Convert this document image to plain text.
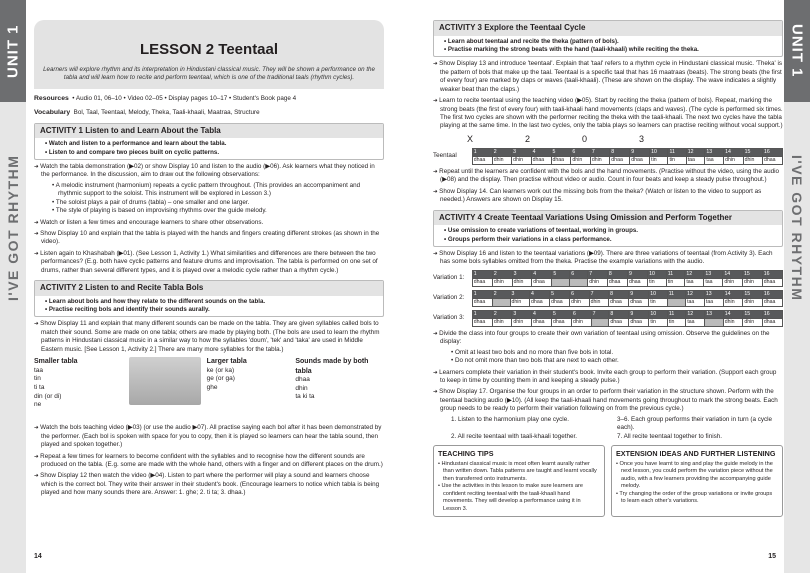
UNIT 1
I'VE GOT RHYTHM
LESSON 2 Teentaal
Learners will explore rhythm and its interpretation in Hindustani classical music. They will be shown a performance on the tabla and will learn how to recite and perform teentaal, which is one of the traditional taals (rhythm cycles).
Resources • Audio 01, 06–10 • Video 02–05 • Display pages 10–17 • Student's Book page 4
Vocabulary Bol, Taal, Teentaal, Melody, Theka, Taali-khaali, Maatraa, Structure
ACTIVITY 1 Listen to and Learn About the Tabla
• Watch and listen to a performance and learn about the tabla.
• Listen to and compare two pieces built on cyclic patterns.

➜ Watch the tabla demonstration (▶02) or show Display 10 and listen to the audio (▶06). Ask learners what they noticed in the performance. In the discussion, aim to draw out the following observations:

• A melodic instrument (harmonium) repeats a cyclic pattern throughout. (This provides an accompaniment and rhythmic support to the soloist. This instrument will be explored in Lesson 3.)
• The soloist plays a pair of drums (tabla) – one smaller and one larger.
• The style of playing is based on improvising rhythms over the guide melody.

➜ Watch or listen a few times and encourage learners to share other observations.

➜ Show Display 10 and explain that the tabla is played with the hands and fingers creating different strokes (as shown in the video).

➜ Listen again to Khashabah (▶01). (See Lesson 1, Activity 1.) What similarities and differences are there between the two performances? (E.g. both have cyclic patterns and feature drums and improvisation. The tabla is performed on one set of drums, rather than several different types, and it is played over a melodic cycle rather than a rhythm cycle.)

ACTIVITY 2 Listen to and Recite Tabla Bols
• Learn about bols and how they relate to the different sounds on the tabla.
• Practise reciting bols and identify their sounds aurally.

➜ Show Display 11 and explain that many different sounds can be made on the tabla. They are given syllables called bols to match their sound. Some are made on one tabla; others are made by playing both. (The bols are used to learn the rhythm patterns in Hindustani classical music in a similar way to how the syllables 'doum', 'tek' and 'taka' are used in Middle Eastern music. [See Lesson 1, Activity 2.] There are many more syllables for the tabla.)

Smaller tabla
taa
tin
ti ta
din (or di)
ne
Larger tabla
ke (or ka)
ge (or ga)
ghe
Sounds made by both tabla
dhaa
dhin
ta ki ta

➜ Watch the bols teaching video (▶03) (or use the audio ▶07). All practise saying each bol after it has been demonstrated by the performer. (Each bol is spoken with space for you to copy, then it is played so learners can hear the tabla sound, then played and spoken together.)

➜ Repeat a few times for learners to become confident with the syllables and to recognise how the different sounds are produced on the tabla. (E.g. some are made with the whole hand, others with a finger and on different places on the drum.)

➜ Show Display 12 then watch the video (▶04). Listen to part where the performer will play a sound and learners choose which is the correct bol. They write their answer in their student's book. (Encourage learners to notice which tabla is being played and how many sounds there are. Answer: 1. ghe; 2. ti ta; 3. dhaa.)

14
UNIT 1
I'VE GOT RHYTHM
ACTIVITY 3 Explore the Teentaal Cycle
• Learn about teentaal and recite the theka (pattern of bols).
• Practise marking the strong beats with the hand (taali-khaali) while reciting the theka.

➜ Show Display 13 and introduce 'teentaal'. Explain that 'taal' refers to a rhythm cycle in Hindustani classical music. 'Theka' is the pattern of bols that make up the taal. Teentaal is a specific taal that has 16 maatraas (beats). The strong beats (the first of every four) are marked by claps or waves (taali-khaali). (These are shown on the display. The wave indicates a slightly weaker beat than the claps.)

➜ Learn to recite teentaal using the teaching video (▶05). Start by reciting the theka (pattern of bols). Repeat, marking the strong beats (the first of every four) with taali-khaali hand movements (claps and waves). (The cycle is performed six times. The first two cycles are shown with the performer reciting the theka with the taali-khaali. The next two cycles have the tabla playing at the same time. In the last two cycles, only the tabla plays so learners can practise reciting without vocal support.)

X	2	0	3
Teentaal
1	2	3	4	5	6	7	8	9	10	11	12	13	14	15	16
dhaa	dhin	dhin	dhaa	dhaa	dhin	dhin	dhaa	dhaa	tin	tin	taa	taa	dhin	dhin	dhaa

➜ Repeat until the learners are confident with the bols and the hand movements. (Practise without the video, using the audio (▶08) and the display. Then practise without video or audio. Count in four beats and keep a steady pulse throughout.)

➜ Show Display 14. Can learners work out the missing bols from the theka? (Watch or listen to the video to support as needed.) Answers are shown on Display 15.

ACTIVITY 4 Create Teentaal Variations Using Omission and Perform Together
• Use omission to create variations of teentaal, working in groups.
• Groups perform their variations in a class performance.

➜ Show Display 16 and listen to the teentaal variations (▶09). There are three variations of teentaal (from Activity 3). Each has some bols syllables omitted from the theka. Practise the example variations with the audio.

Variation 1:
1	2	3	4	5	6	7	8	9	10	11	12	13	14	15	16
dhaa	dhin	dhin	dhaa			dhin	dhaa	dhaa	tin	tin	taa	taa	dhin	dhin	dhaa
Variation 2:
1	2	3	4	5	6	7	8	9	10	11	12	13	14	15	16
dhaa		dhin	dhaa	dhaa	dhin	dhin	dhaa	dhaa	tin		taa	taa	dhin	dhin	dhaa
Variation 3:
1	2	3	4	5	6	7	8	9	10	11	12	13	14	15	16
dhaa	dhin	dhin	dhaa	dhaa	dhin		dhaa	dhaa	tin	tin	taa		dhin	dhin	dhaa

➜ Divide the class into four groups to create their own variation of teentaal using omission. Observe the guidelines on the display:

• Omit at least two bols and no more than five bols in total.
• Do not omit more than two bols that are next to each other.

➜ Learners complete their variation in their student's book. Invite each group to perform their variation. (Support each group to keep in time by counting them in and keeping a steady pulse.)

➜ Show Display 17. Organise the four groups in an order to perform their variation in the structure shown. Perform with the teentaal backing audio (▶10). (All keep the taali-khaali hand movements going throughout to mark the strong beats. Each group needs to be ready to perform their variation following on from the previous cycle.)

1. Listen to the harmonium play one cycle.	3–6. Each group performs their variation in turn (a cycle each).
2. All recite teentaal with taali-khaali together.	7. All recite teentaal together to finish.
TEACHING TIPS
• Hindustani classical music is most often learnt aurally rather than written down. Tabla patterns are taught and learnt vocally then transferred onto instruments.
• Use the activities in this lesson to make sure learners are confident reciting teentaal with the taali-khaali hand movements. They will develop a performance using it in Lesson 3.
EXTENSION IDEAS AND FURTHER LISTENING
• Once you have learnt to sing and play the guide melody in the next lesson, you could perform the variation piece without the audio, with a few learners providing the accompanying guide melody.
• Try changing the order of the group variations or invite groups to learn each other's variations.
15
